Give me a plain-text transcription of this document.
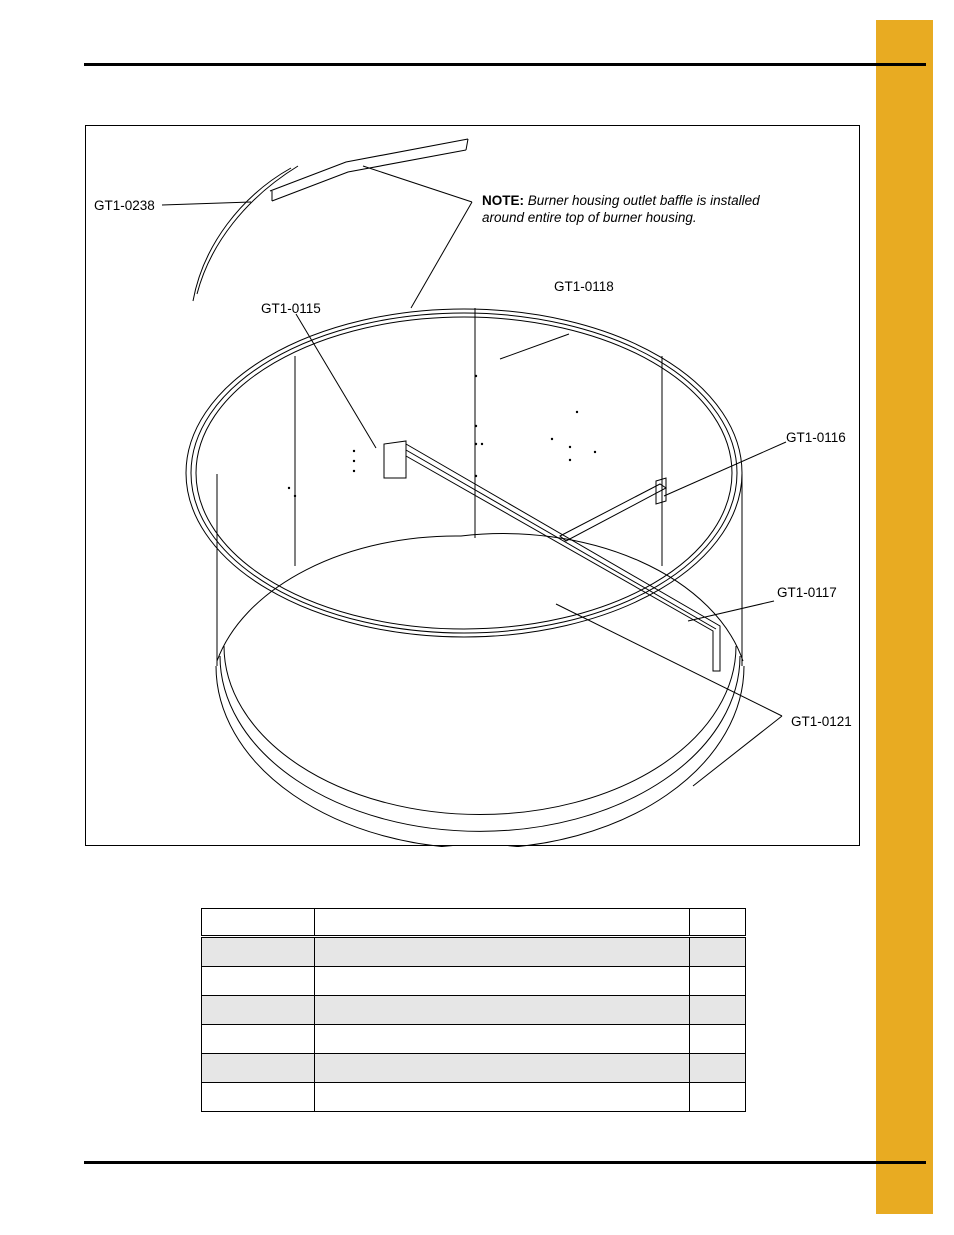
GT1-0238	NOTE: Burner housing outlet baffle is installed
around entire top of burner housing.
GT1-0118
GT1-0115
GT1-0116
GT1-0117
GT1-0121
